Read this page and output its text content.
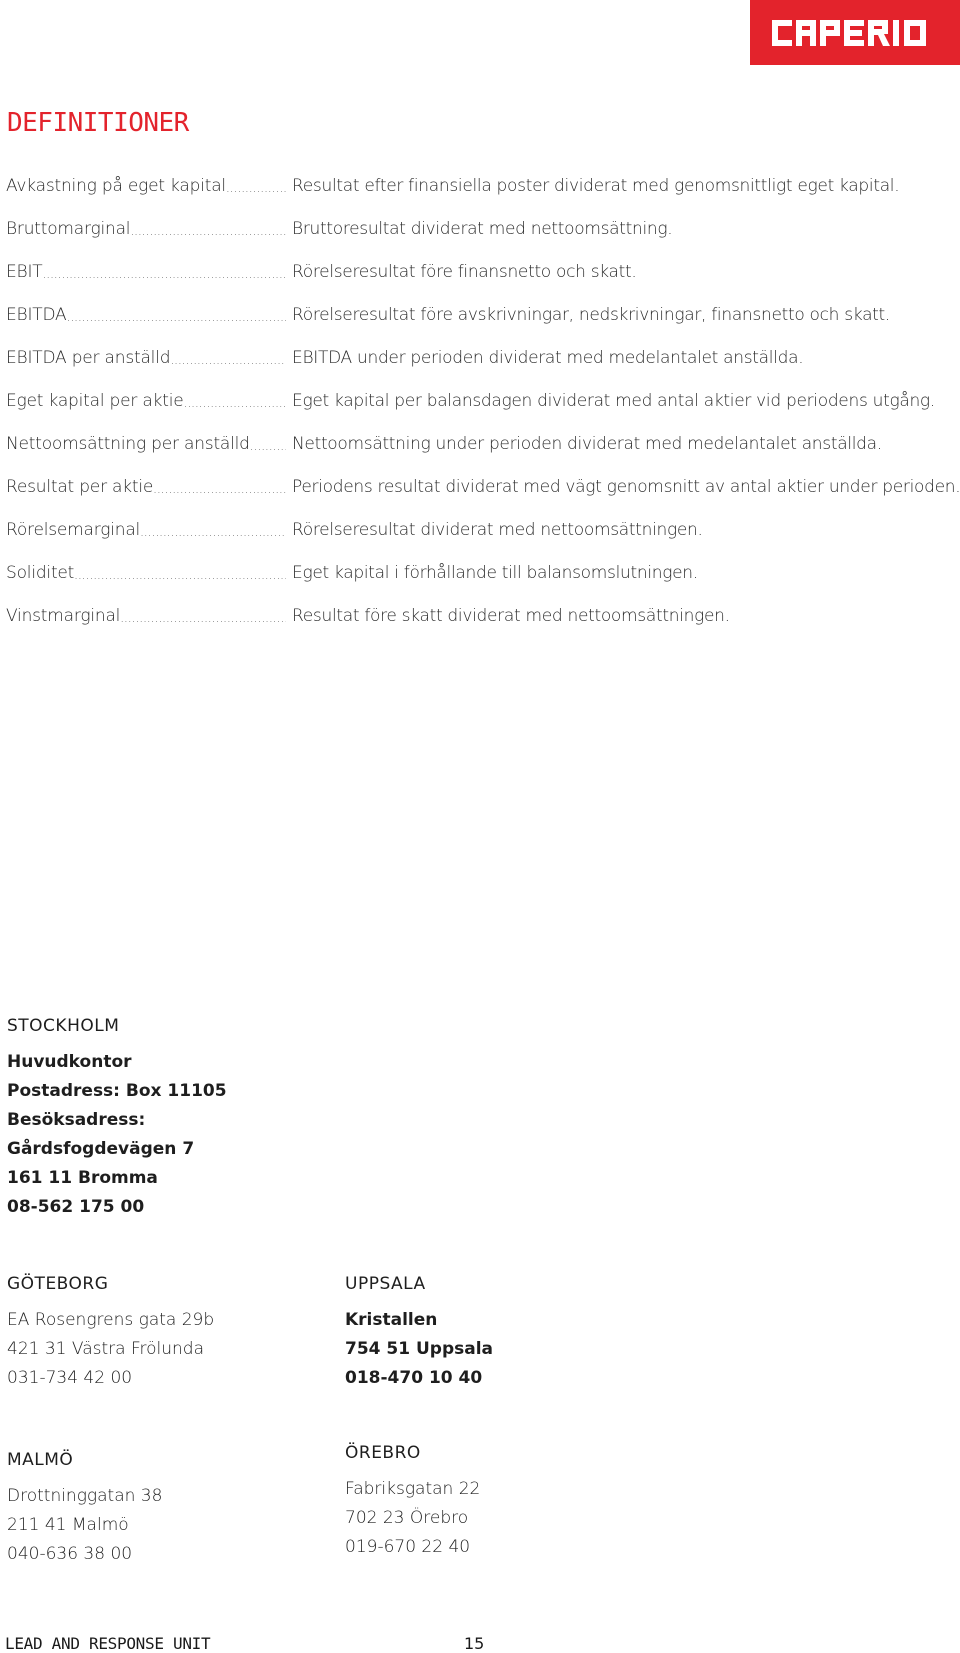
DEFINITIONER
Avkastning på eget kapital .....	Resultat efter finansiella poster dividerat med genomsnittligt eget kapital.
Bruttomarginal .....	Bruttoresultat dividerat med nettoomsättning.
EBIT .....	Rörelseresultat före finansnetto och skatt.
EBITDA .....	Rörelseresultat före avskrivningar, nedskrivningar, finansnetto och skatt.
EBITDA per anställd .....	EBITDA under perioden dividerat med medelantalet anställda.
Eget kapital per aktie .....	Eget kapital per balansdagen dividerat med antal aktier vid periodens utgång.
Nettoomsättning per anställd ..... Nettoomsättning under perioden dividerat med medelantalet anställda.
Resultat per aktie .....	Periodens resultat dividerat med vägt genomsnitt av antal aktier under perioden.
Rörelsemarginal .....	Rörelseresultat dividerat med nettoomsättningen.
Soliditet .....	Eget kapital i förhållande till balansomslutningen.
Vinstmarginal .....	Resultat före skatt dividerat med nettoomsättningen.
STOCKHOLM
Huvudkontor
Postadress: Box 11105
Besöksadress:
Gårdsfogdevägen 7
161 11 Bromma
08-562 175 00
GÖTEBORG
EA Rosengrens gata 29b
421 31 Västra Frölunda
031-734 42 00
UPPSALA
Kristallen
754 51 Uppsala
018-470 10 40
MALMÖ
Drottninggatan 38
211 41 Malmö
040-636 38 00
ÖREBRO
Fabriksgatan 22
702 23 Örebro
019-670 22 40
LEAD AND RESPONSE UNIT	15
